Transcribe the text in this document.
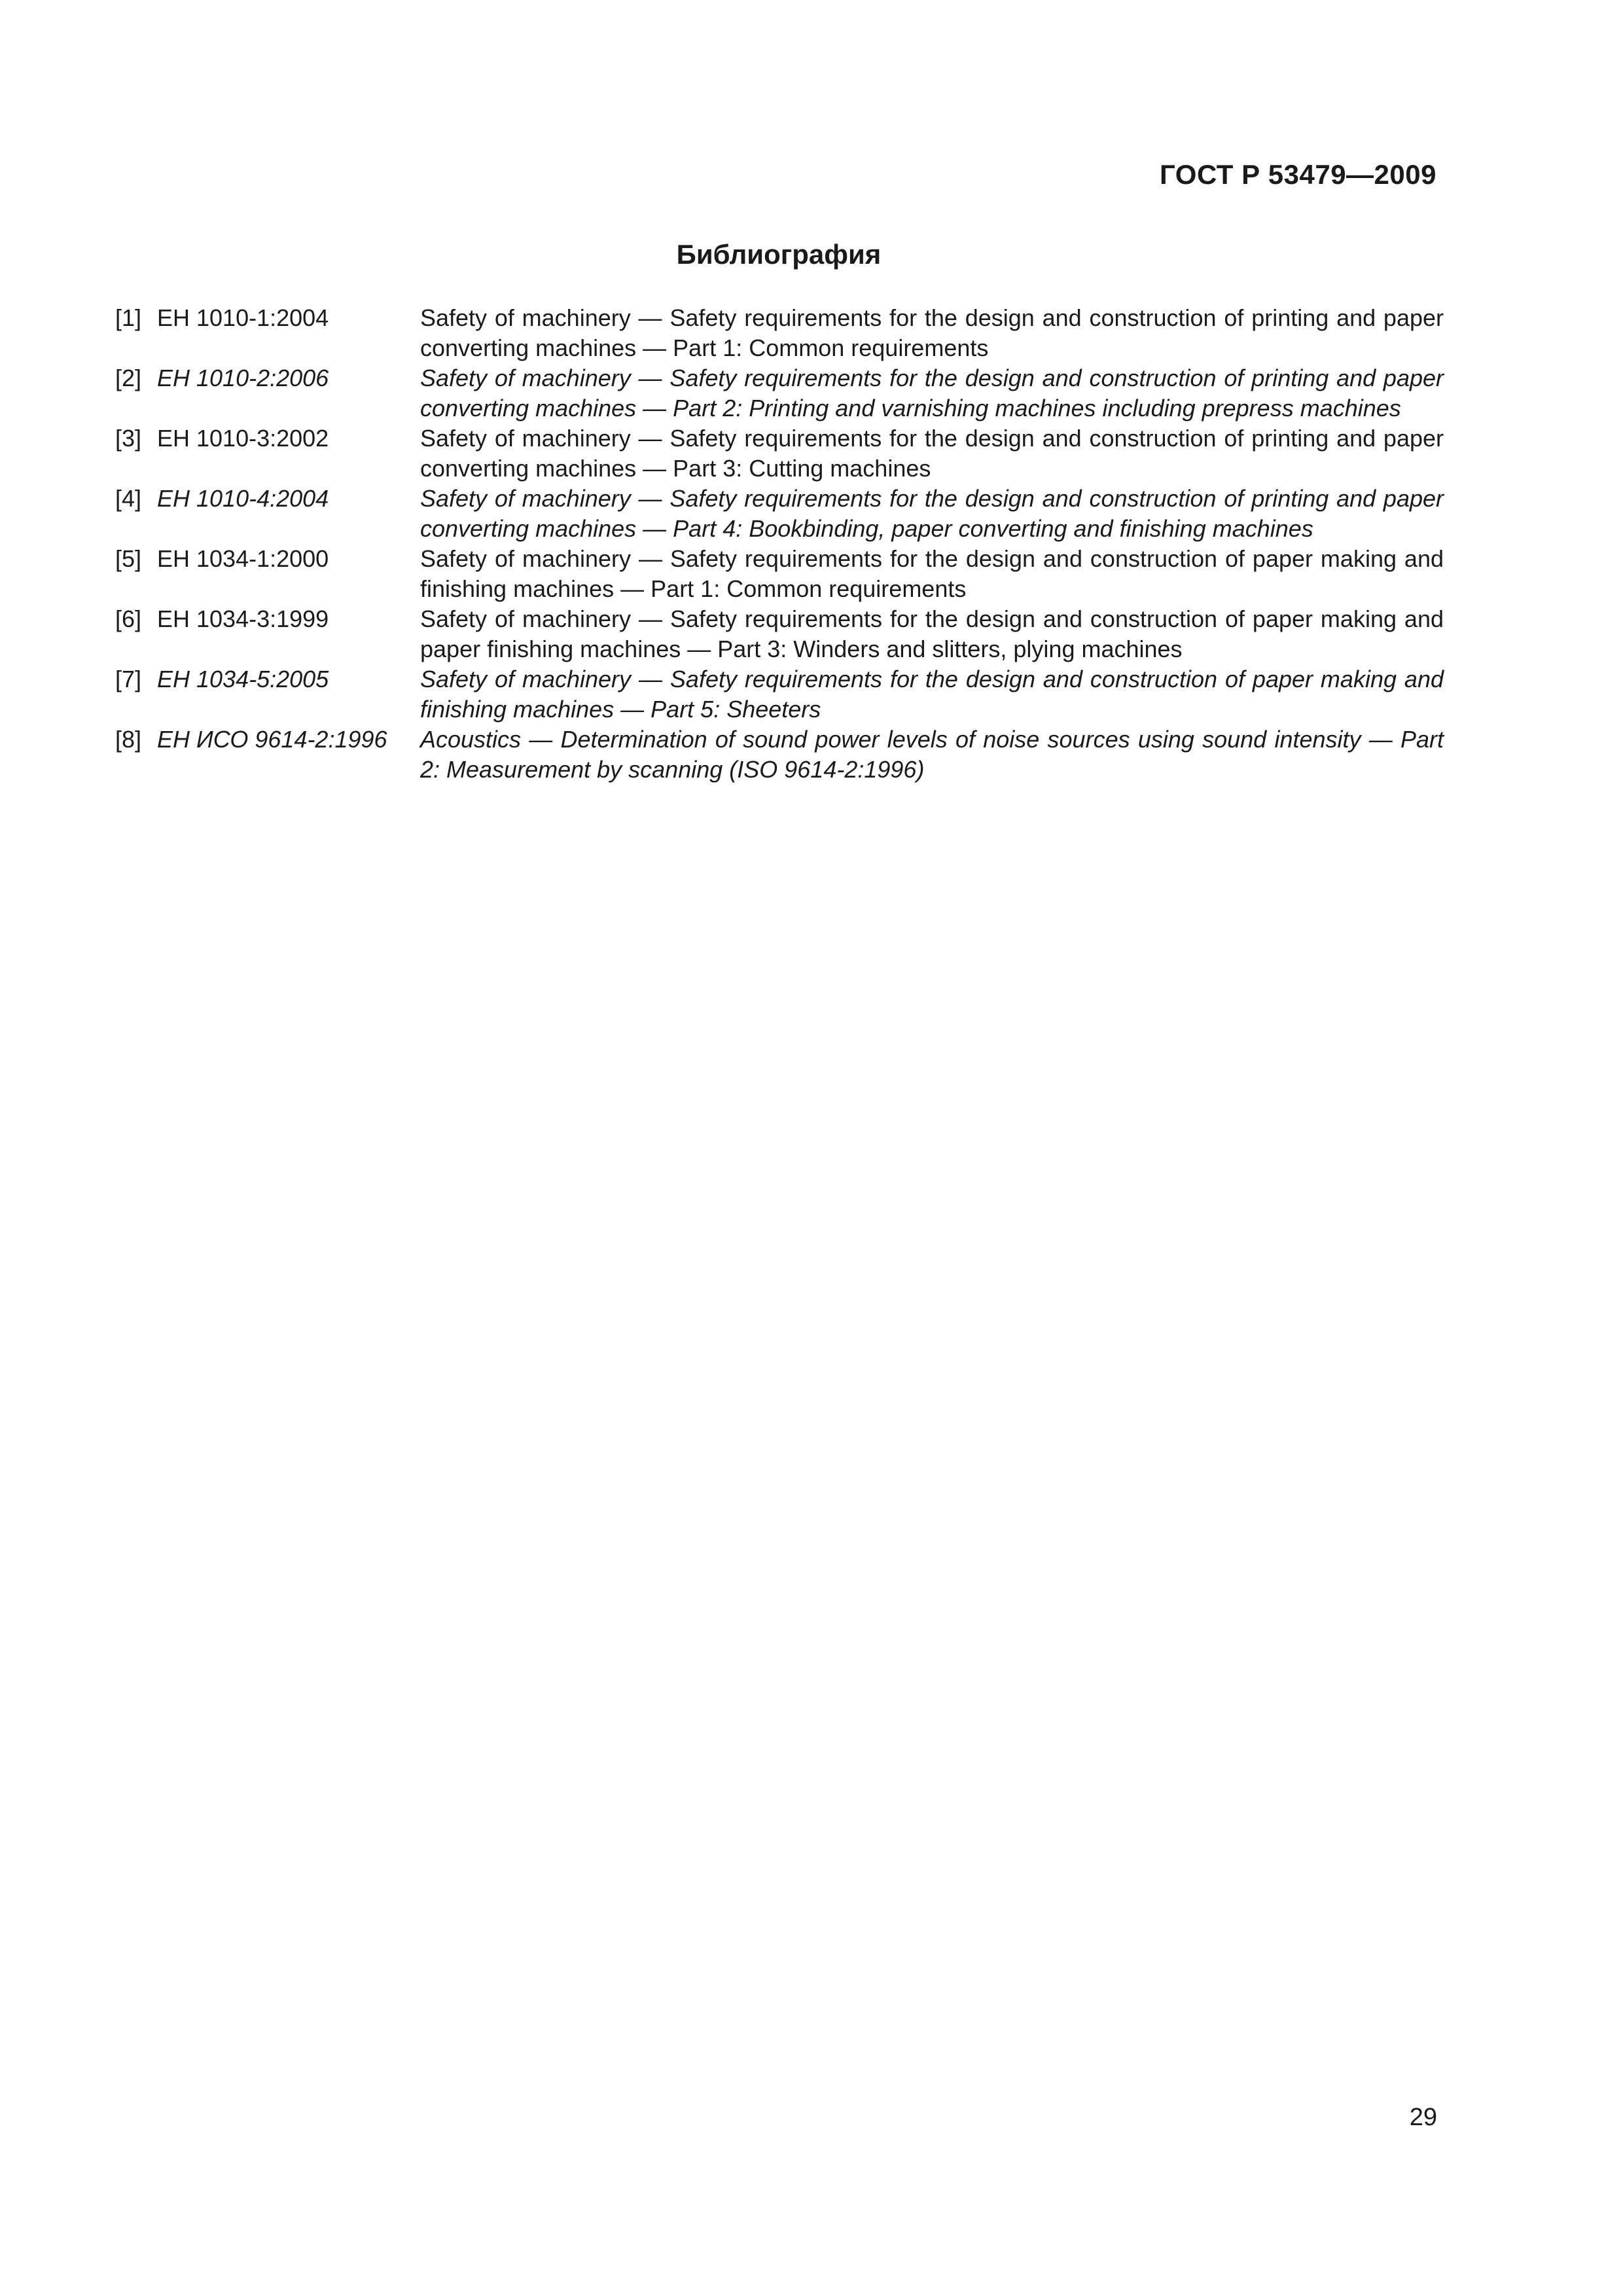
ГОСТ Р 53479—2009
Библиография
[1] EH 1010-1:2004	Safety of machinery — Safety requirements for the design and construction of printing and paper converting machines — Part 1: Common requirements
[2] EH 1010-2:2006	Safety of machinery — Safety requirements for the design and construction of printing and paper converting machines — Part 2: Printing and varnishing machines including prepress machines
[3] EH 1010-3:2002	Safety of machinery — Safety requirements for the design and construction of printing and paper converting machines — Part 3: Cutting machines
[4] EH 1010-4:2004	Safety of machinery — Safety requirements for the design and construction of printing and paper converting machines — Part 4: Bookbinding, paper converting and finishing machines
[5] EH 1034-1:2000	Safety of machinery — Safety requirements for the design and construction of paper making and finishing machines — Part 1: Common requirements
[6] EH 1034-3:1999	Safety of machinery — Safety requirements for the design and construction of paper making and paper finishing machines — Part 3: Winders and slitters, plying machines
[7] EH 1034-5:2005	Safety of machinery — Safety requirements for the design and construction of paper making and finishing machines — Part 5: Sheeters
[8] EH ИСО 9614-2:1996	Acoustics — Determination of sound power levels of noise sources using sound intensity — Part 2: Measurement by scanning (ISO 9614-2:1996)
29
